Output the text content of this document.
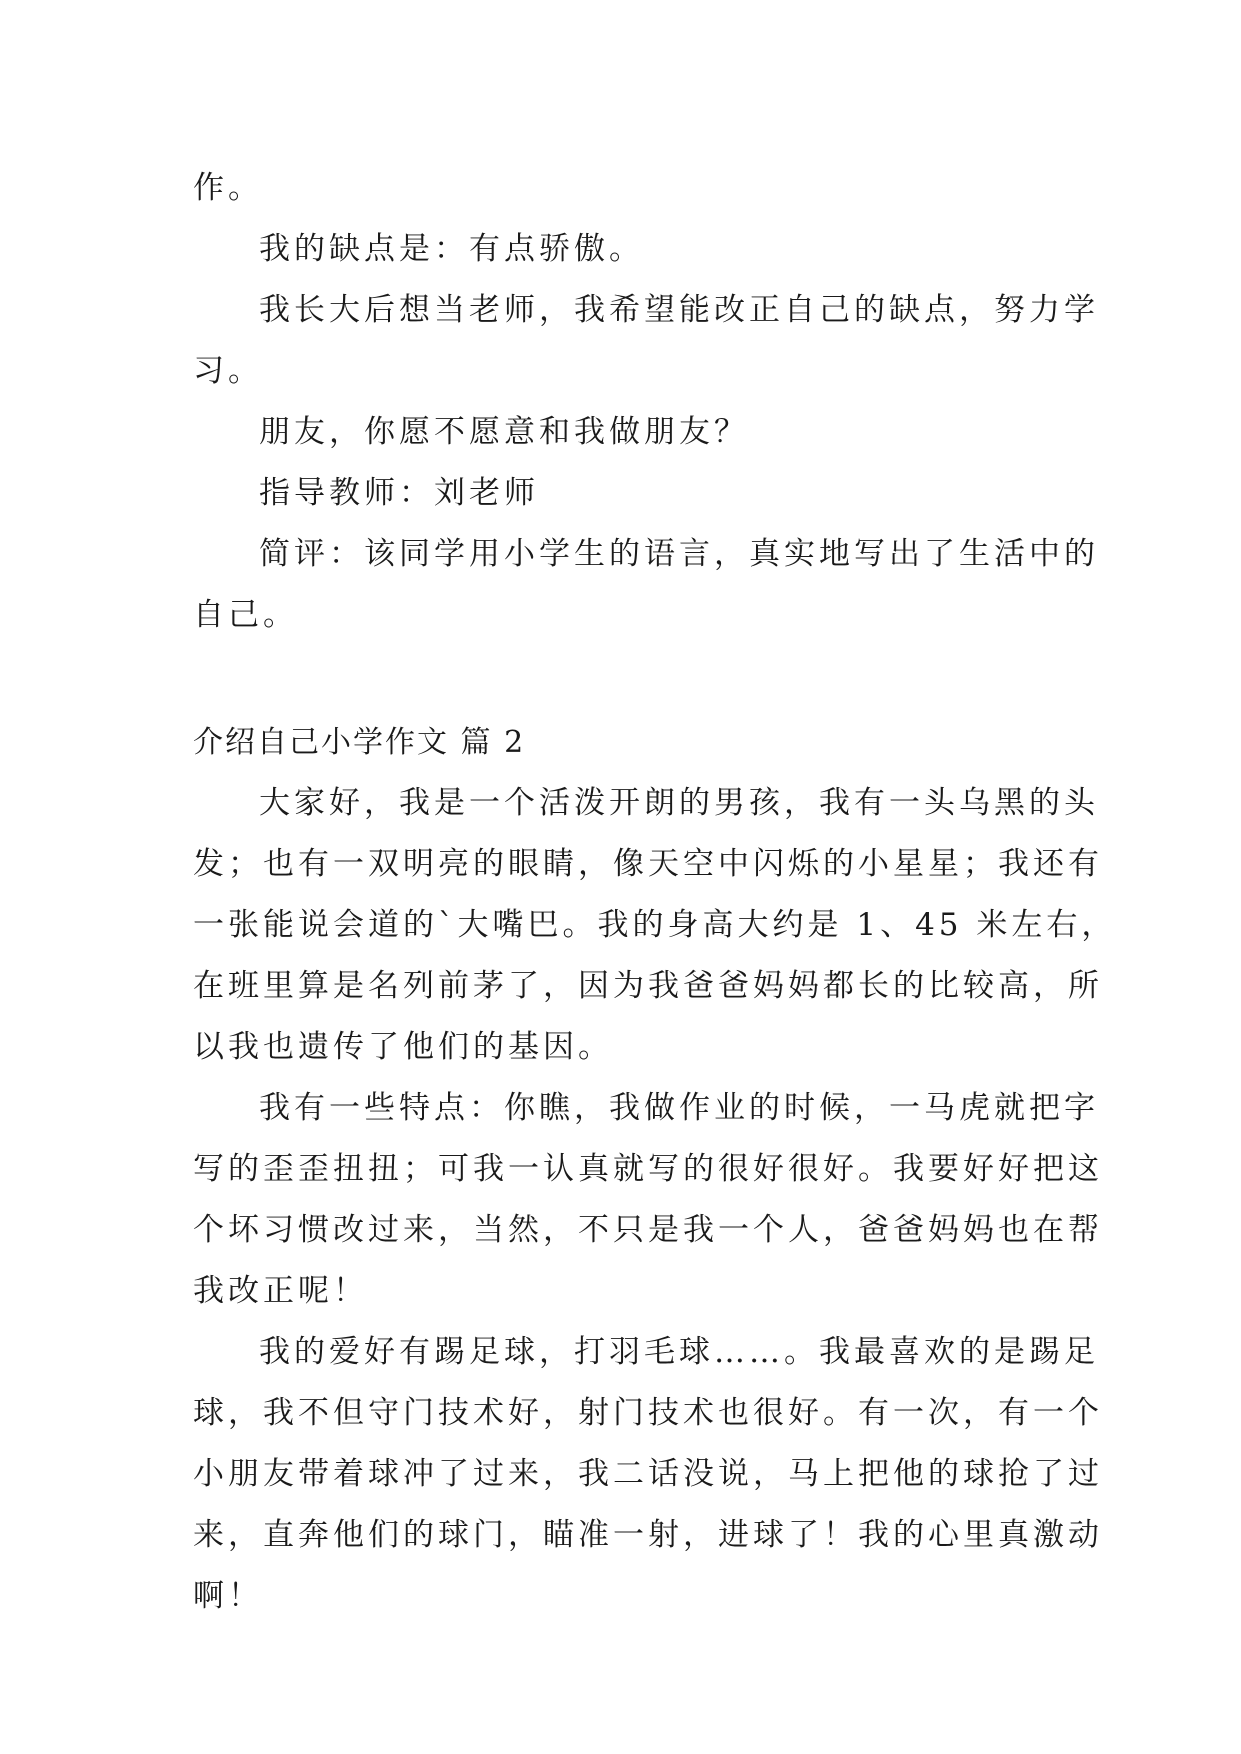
作。
我的缺点是：有点骄傲。
我长大后想当老师，我希望能改正自己的缺点，努力学
习。
朋友，你愿不愿意和我做朋友？
指导教师：刘老师
简评：该同学用小学生的语言，真实地写出了生活中的
自己。
介绍自己小学作文 篇 2
大家好，我是一个活泼开朗的男孩，我有一头乌黑的头
发；也有一双明亮的眼睛，像天空中闪烁的小星星；我还有
一张能说会道的`大嘴巴。我的身高大约是 1、45 米左右，
在班里算是名列前茅了，因为我爸爸妈妈都长的比较高，所
以我也遗传了他们的基因。
我有一些特点：你瞧，我做作业的时候，一马虎就把字
写的歪歪扭扭；可我一认真就写的很好很好。我要好好把这
个坏习惯改过来，当然，不只是我一个人，爸爸妈妈也在帮
我改正呢！
我的爱好有踢足球，打羽毛球……。我最喜欢的是踢足
球，我不但守门技术好，射门技术也很好。有一次，有一个
小朋友带着球冲了过来，我二话没说，马上把他的球抢了过
来，直奔他们的球门，瞄准一射，进球了！我的心里真激动
啊！
